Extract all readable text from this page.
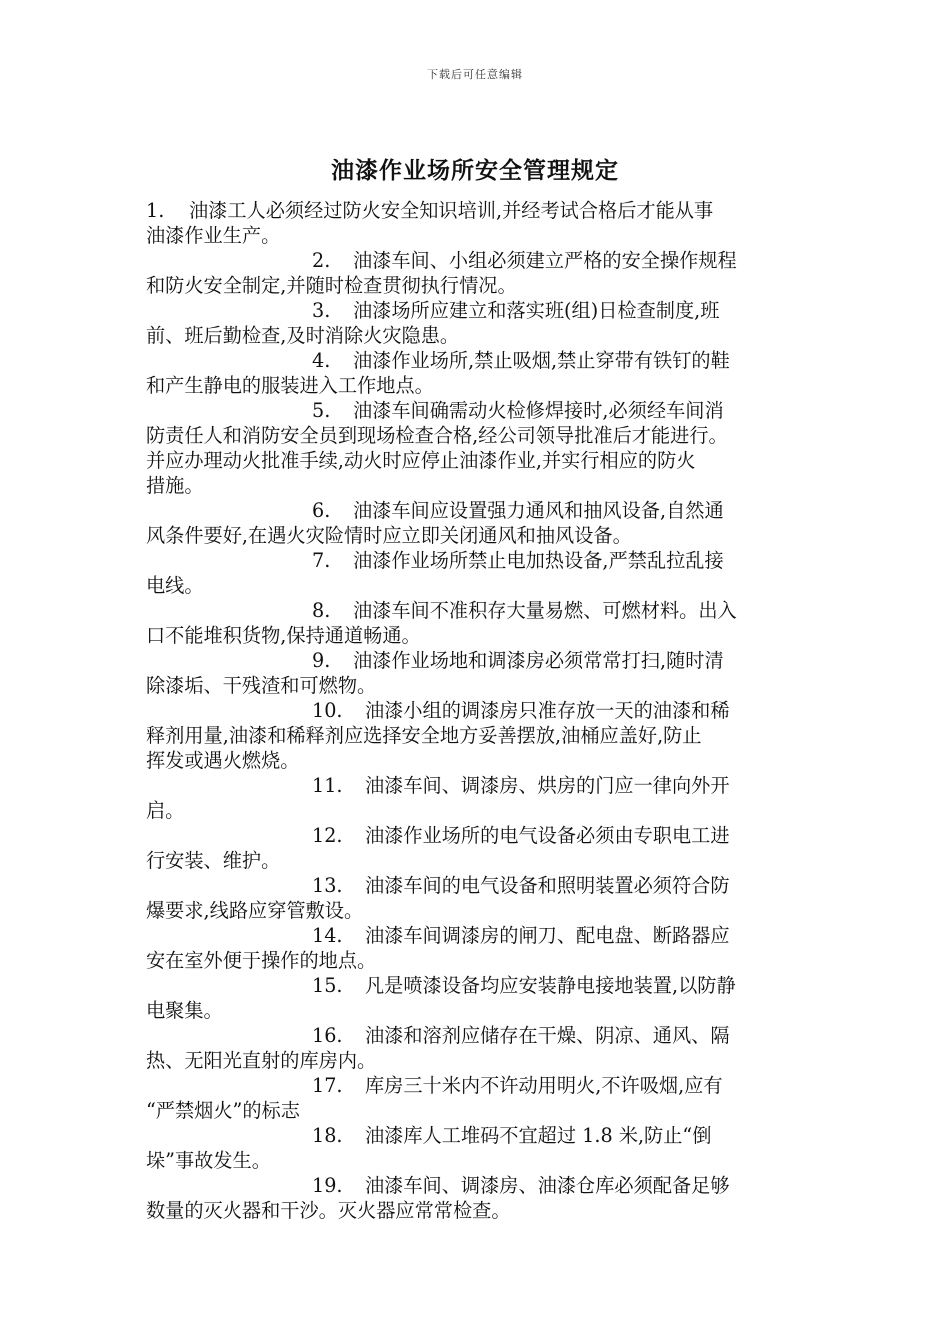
下载后可任意编辑
油漆作业场所安全管理规定
1. 油漆工人必须经过防火安全知识培训,并经考试合格后才能从事
油漆作业生产。
2. 油漆车间、小组必须建立严格的安全操作规程
和防火安全制定,并随时检查贯彻执行情况。
3. 油漆场所应建立和落实班(组)日检查制度,班
前、班后勤检查,及时消除火灾隐患。
4. 油漆作业场所,禁止吸烟,禁止穿带有铁钉的鞋
和产生静电的服装进入工作地点。
5. 油漆车间确需动火检修焊接时,必须经车间消
防责任人和消防安全员到现场检查合格,经公司领导批准后才能进行。
并应办理动火批准手续,动火时应停止油漆作业,并实行相应的防火
措施。
6. 油漆车间应设置强力通风和抽风设备,自然通
风条件要好,在遇火灾险情时应立即关闭通风和抽风设备。
7. 油漆作业场所禁止电加热设备,严禁乱拉乱接
电线。
8. 油漆车间不准积存大量易燃、可燃材料。出入
口不能堆积货物,保持通道畅通。
9. 油漆作业场地和调漆房必须常常打扫,随时清
除漆垢、干残渣和可燃物。
10. 油漆小组的调漆房只准存放一天的油漆和稀
释剂用量,油漆和稀释剂应选择安全地方妥善摆放,油桶应盖好,防止
挥发或遇火燃烧。
11. 油漆车间、调漆房、烘房的门应一律向外开
启。
12. 油漆作业场所的电气设备必须由专职电工进
行安装、维护。
13. 油漆车间的电气设备和照明装置必须符合防
爆要求,线路应穿管敷设。
14. 油漆车间调漆房的闸刀、配电盘、断路器应
安在室外便于操作的地点。
15. 凡是喷漆设备均应安装静电接地装置,以防静
电聚集。
16. 油漆和溶剂应储存在干燥、阴凉、通风、隔
热、无阳光直射的库房内。
17. 库房三十米内不许动用明火,不许吸烟,应有
“严禁烟火”的标志
18. 油漆库人工堆码不宜超过 1.8 米,防止“倒
垛”事故发生。
19. 油漆车间、调漆房、油漆仓库必须配备足够
数量的灭火器和干沙。灭火器应常常检查。
